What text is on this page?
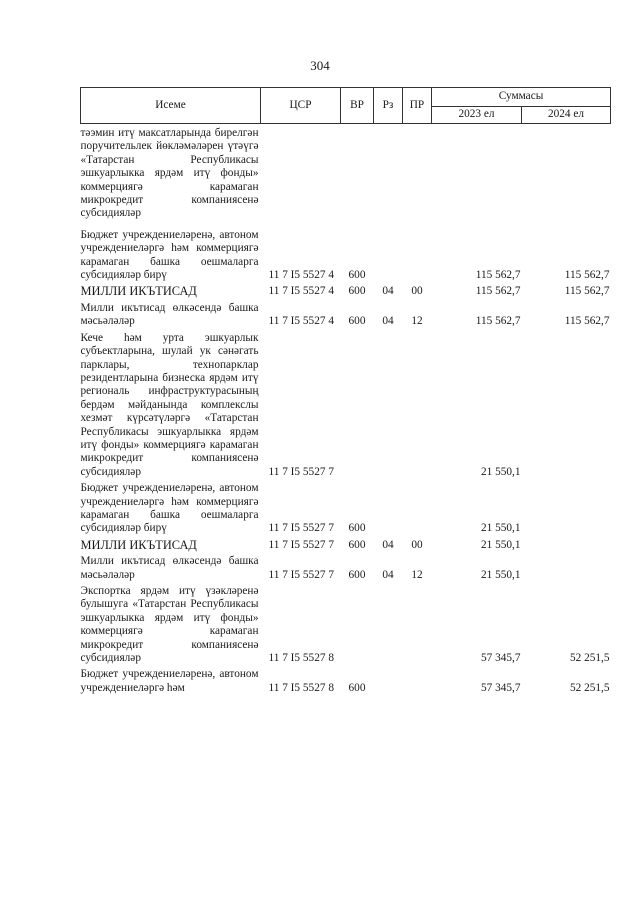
304
Исеме	ЦСР	ВР	Рз	ПР	Суммасы	
					2023 ел	2024 ел
тәэмин итү максатларында бирелгән поручительлек йөкләмәләрен үтәүгә «Татарстан Республикасы эшкуарлыкка ярдәм итү фонды» коммерциягә карамаган микрокредит компаниясенә субсидияләр						
Бюджет учреждениеләренә, автоном учреждениеләргә һәм коммерциягә карамаган башка оешмаларга субсидияләр бирү	11 7 I5 5527 4	600			115 562,7	115 562,7
МИЛЛИ ИКЪТИСАД	11 7 I5 5527 4	600	04	00	115 562,7	115 562,7
Милли икътисад өлкәсендә башка мәсьәләләр	11 7 I5 5527 4	600	04	12	115 562,7	115 562,7
Кече һәм урта эшкуарлык субъектларына, шулай ук сәнәгать парклары, технопарклар резидентларына бизнеска ярдәм итү региональ инфраструктурасының бердәм мәйданында комплекслы хезмәт күрсәтүләргә «Татарстан Республикасы эшкуарлыкка ярдәм итү фонды» коммерциягә карамаган микрокредит компаниясенә субсидияләр	11 7 I5 5527 7				21 550,1	
Бюджет учреждениеләренә, автоном учреждениеләргә һәм коммерциягә карамаган башка оешмаларга субсидияләр бирү	11 7 I5 5527 7	600			21 550,1	
МИЛЛИ ИКЪТИСАД	11 7 I5 5527 7	600	04	00	21 550,1	
Милли икътисад өлкәсендә башка мәсьәләләр	11 7 I5 5527 7	600	04	12	21 550,1	
Экспортка ярдәм итү үзәкләренә булышуга «Татарстан Республикасы эшкуарлыкка ярдәм итү фонды» коммерциягә карамаган микрокредит компаниясенә субсидияләр	11 7 I5 5527 8				57 345,7	52 251,5
Бюджет учреждениеләренә, автоном учреждениеләргә һәм	11 7 I5 5527 8	600			57 345,7	52 251,5
